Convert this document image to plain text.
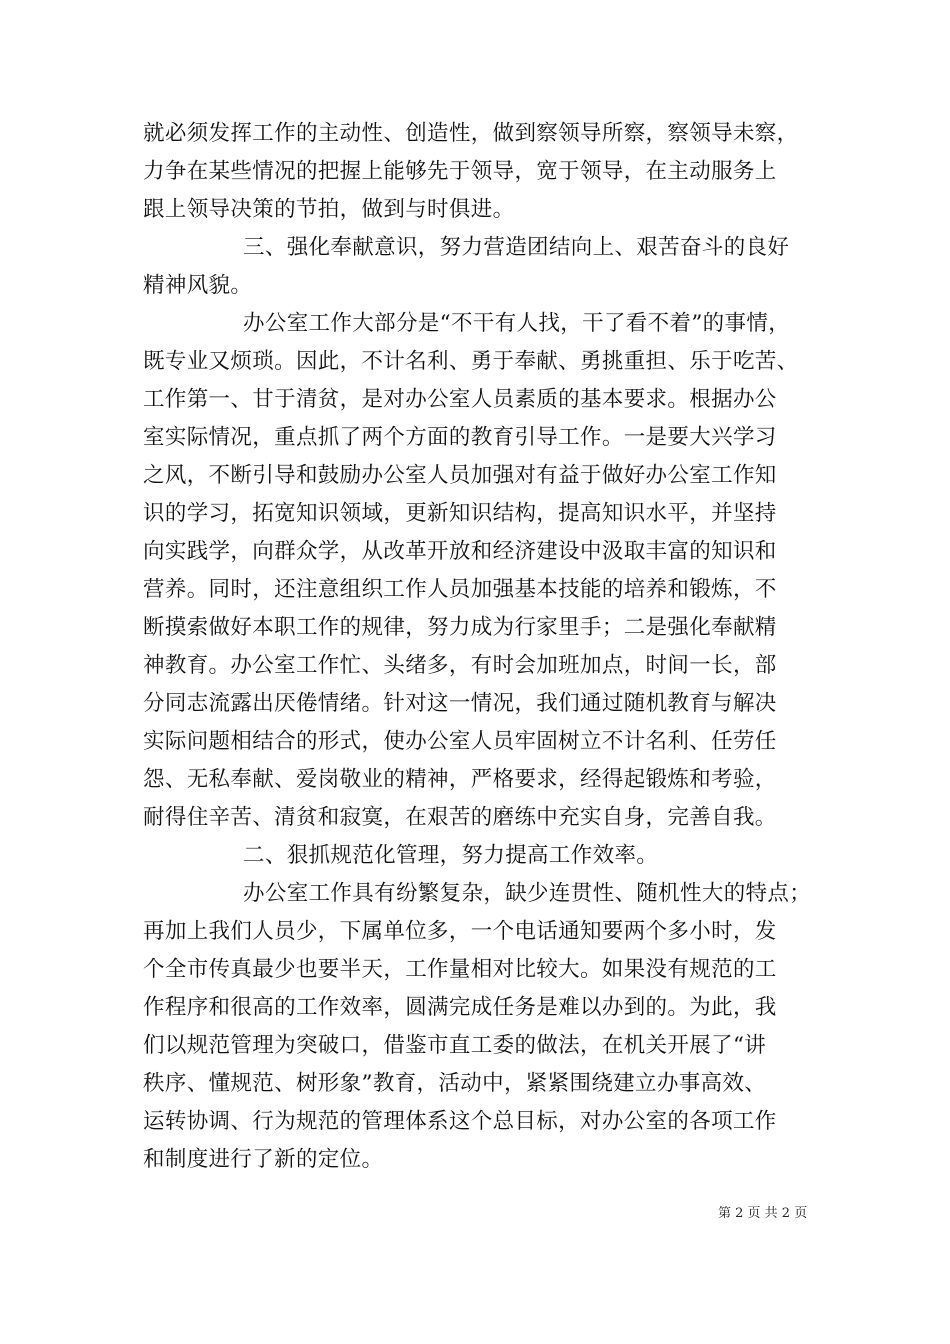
就必须发挥工作的主动性、创造性，做到察领导所察，察领导未察，
力争在某些情况的把握上能够先于领导，宽于领导，在主动服务上
跟上领导决策的节拍，做到与时俱进。
三、强化奉献意识，努力营造团结向上、艰苦奋斗的良好
精神风貌。
办公室工作大部分是“不干有人找，干了看不着”的事情，
既专业又烦琐。因此，不计名利、勇于奉献、勇挑重担、乐于吃苦、
工作第一、甘于清贫，是对办公室人员素质的基本要求。根据办公
室实际情况，重点抓了两个方面的教育引导工作。一是要大兴学习
之风，不断引导和鼓励办公室人员加强对有益于做好办公室工作知
识的学习，拓宽知识领域，更新知识结构，提高知识水平，并坚持
向实践学，向群众学，从改革开放和经济建设中汲取丰富的知识和
营养。同时，还注意组织工作人员加强基本技能的培养和锻炼，不
断摸索做好本职工作的规律，努力成为行家里手；二是强化奉献精
神教育。办公室工作忙、头绪多，有时会加班加点，时间一长，部
分同志流露出厌倦情绪。针对这一情况，我们通过随机教育与解决
实际问题相结合的形式，使办公室人员牢固树立不计名利、任劳任
怨、无私奉献、爱岗敬业的精神，严格要求，经得起锻炼和考验，
耐得住辛苦、清贫和寂寞，在艰苦的磨练中充实自身，完善自我。
二、狠抓规范化管理，努力提高工作效率。
办公室工作具有纷繁复杂，缺少连贯性、随机性大的特点；
再加上我们人员少，下属单位多，一个电话通知要两个多小时，发
个全市传真最少也要半天，工作量相对比较大。如果没有规范的工
作程序和很高的工作效率，圆满完成任务是难以办到的。为此，我
们以规范管理为突破口，借鉴市直工委的做法，在机关开展了“讲
秩序、懂规范、树形象”教育，活动中，紧紧围绕建立办事高效、
运转协调、行为规范的管理体系这个总目标，对办公室的各项工作
和制度进行了新的定位。
第 2 页 共 2 页
